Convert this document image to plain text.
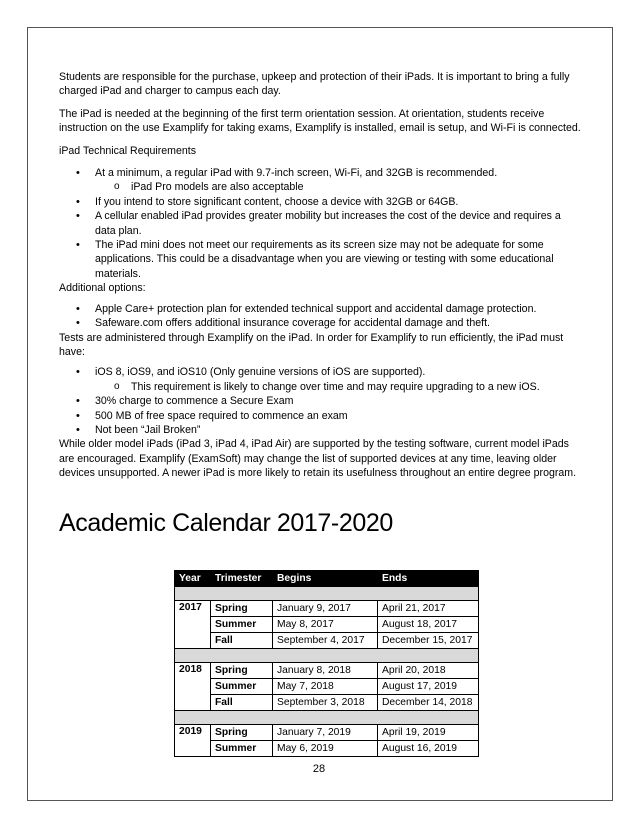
Students are responsible for the purchase, upkeep and protection of their iPads. It is important to bring a fully charged iPad and charger to campus each day.

The iPad is needed at the beginning of the first term orientation session. At orientation, students receive instruction on the use Examplify for taking exams, Examplify is installed, email is setup, and Wi-Fi is connected.

iPad Technical Requirements

• At a minimum, a regular iPad with 9.7-inch screen, Wi-Fi, and 32GB is recommended.
o iPad Pro models are also acceptable
• If you intend to store significant content, choose a device with 32GB or 64GB.
• A cellular enabled iPad provides greater mobility but increases the cost of the device and requires a data plan.
• The iPad mini does not meet our requirements as its screen size may not be adequate for some applications. This could be a disadvantage when you are viewing or testing with some educational materials.
Additional options:
• Apple Care+ protection plan for extended technical support and accidental damage protection.
• Safeware.com offers additional insurance coverage for accidental damage and theft.
Tests are administered through Examplify on the iPad. In order for Examplify to run efficiently, the iPad must have:
• iOS 8, iOS9, and iOS10 (Only genuine versions of iOS are supported).
o This requirement is likely to change over time and may require upgrading to a new iOS.
• 30% charge to commence a Secure Exam
• 500 MB of free space required to commence an exam
• Not been “Jail Broken”
While older model iPads (iPad 3, iPad 4, iPad Air) are supported by the testing software, current model iPads are encouraged. Examplify (ExamSoft) may change the list of supported devices at any time, leaving older devices unsupported. A newer iPad is more likely to retain its usefulness throughout an entire degree program.
Academic Calendar 2017-2020
Year	Trimester	Begins	Ends

2017	Spring	January 9, 2017	April 21, 2017
	Summer	May 8, 2017	August 18, 2017
	Fall	September 4, 2017	December 15, 2017

2018	Spring	January 8, 2018	April 20, 2018
	Summer	May 7, 2018	August 17, 2019
	Fall	September 3, 2018	December 14, 2018

2019	Spring	January 7, 2019	April 19, 2019
	Summer	May 6, 2019	August 16, 2019
28
